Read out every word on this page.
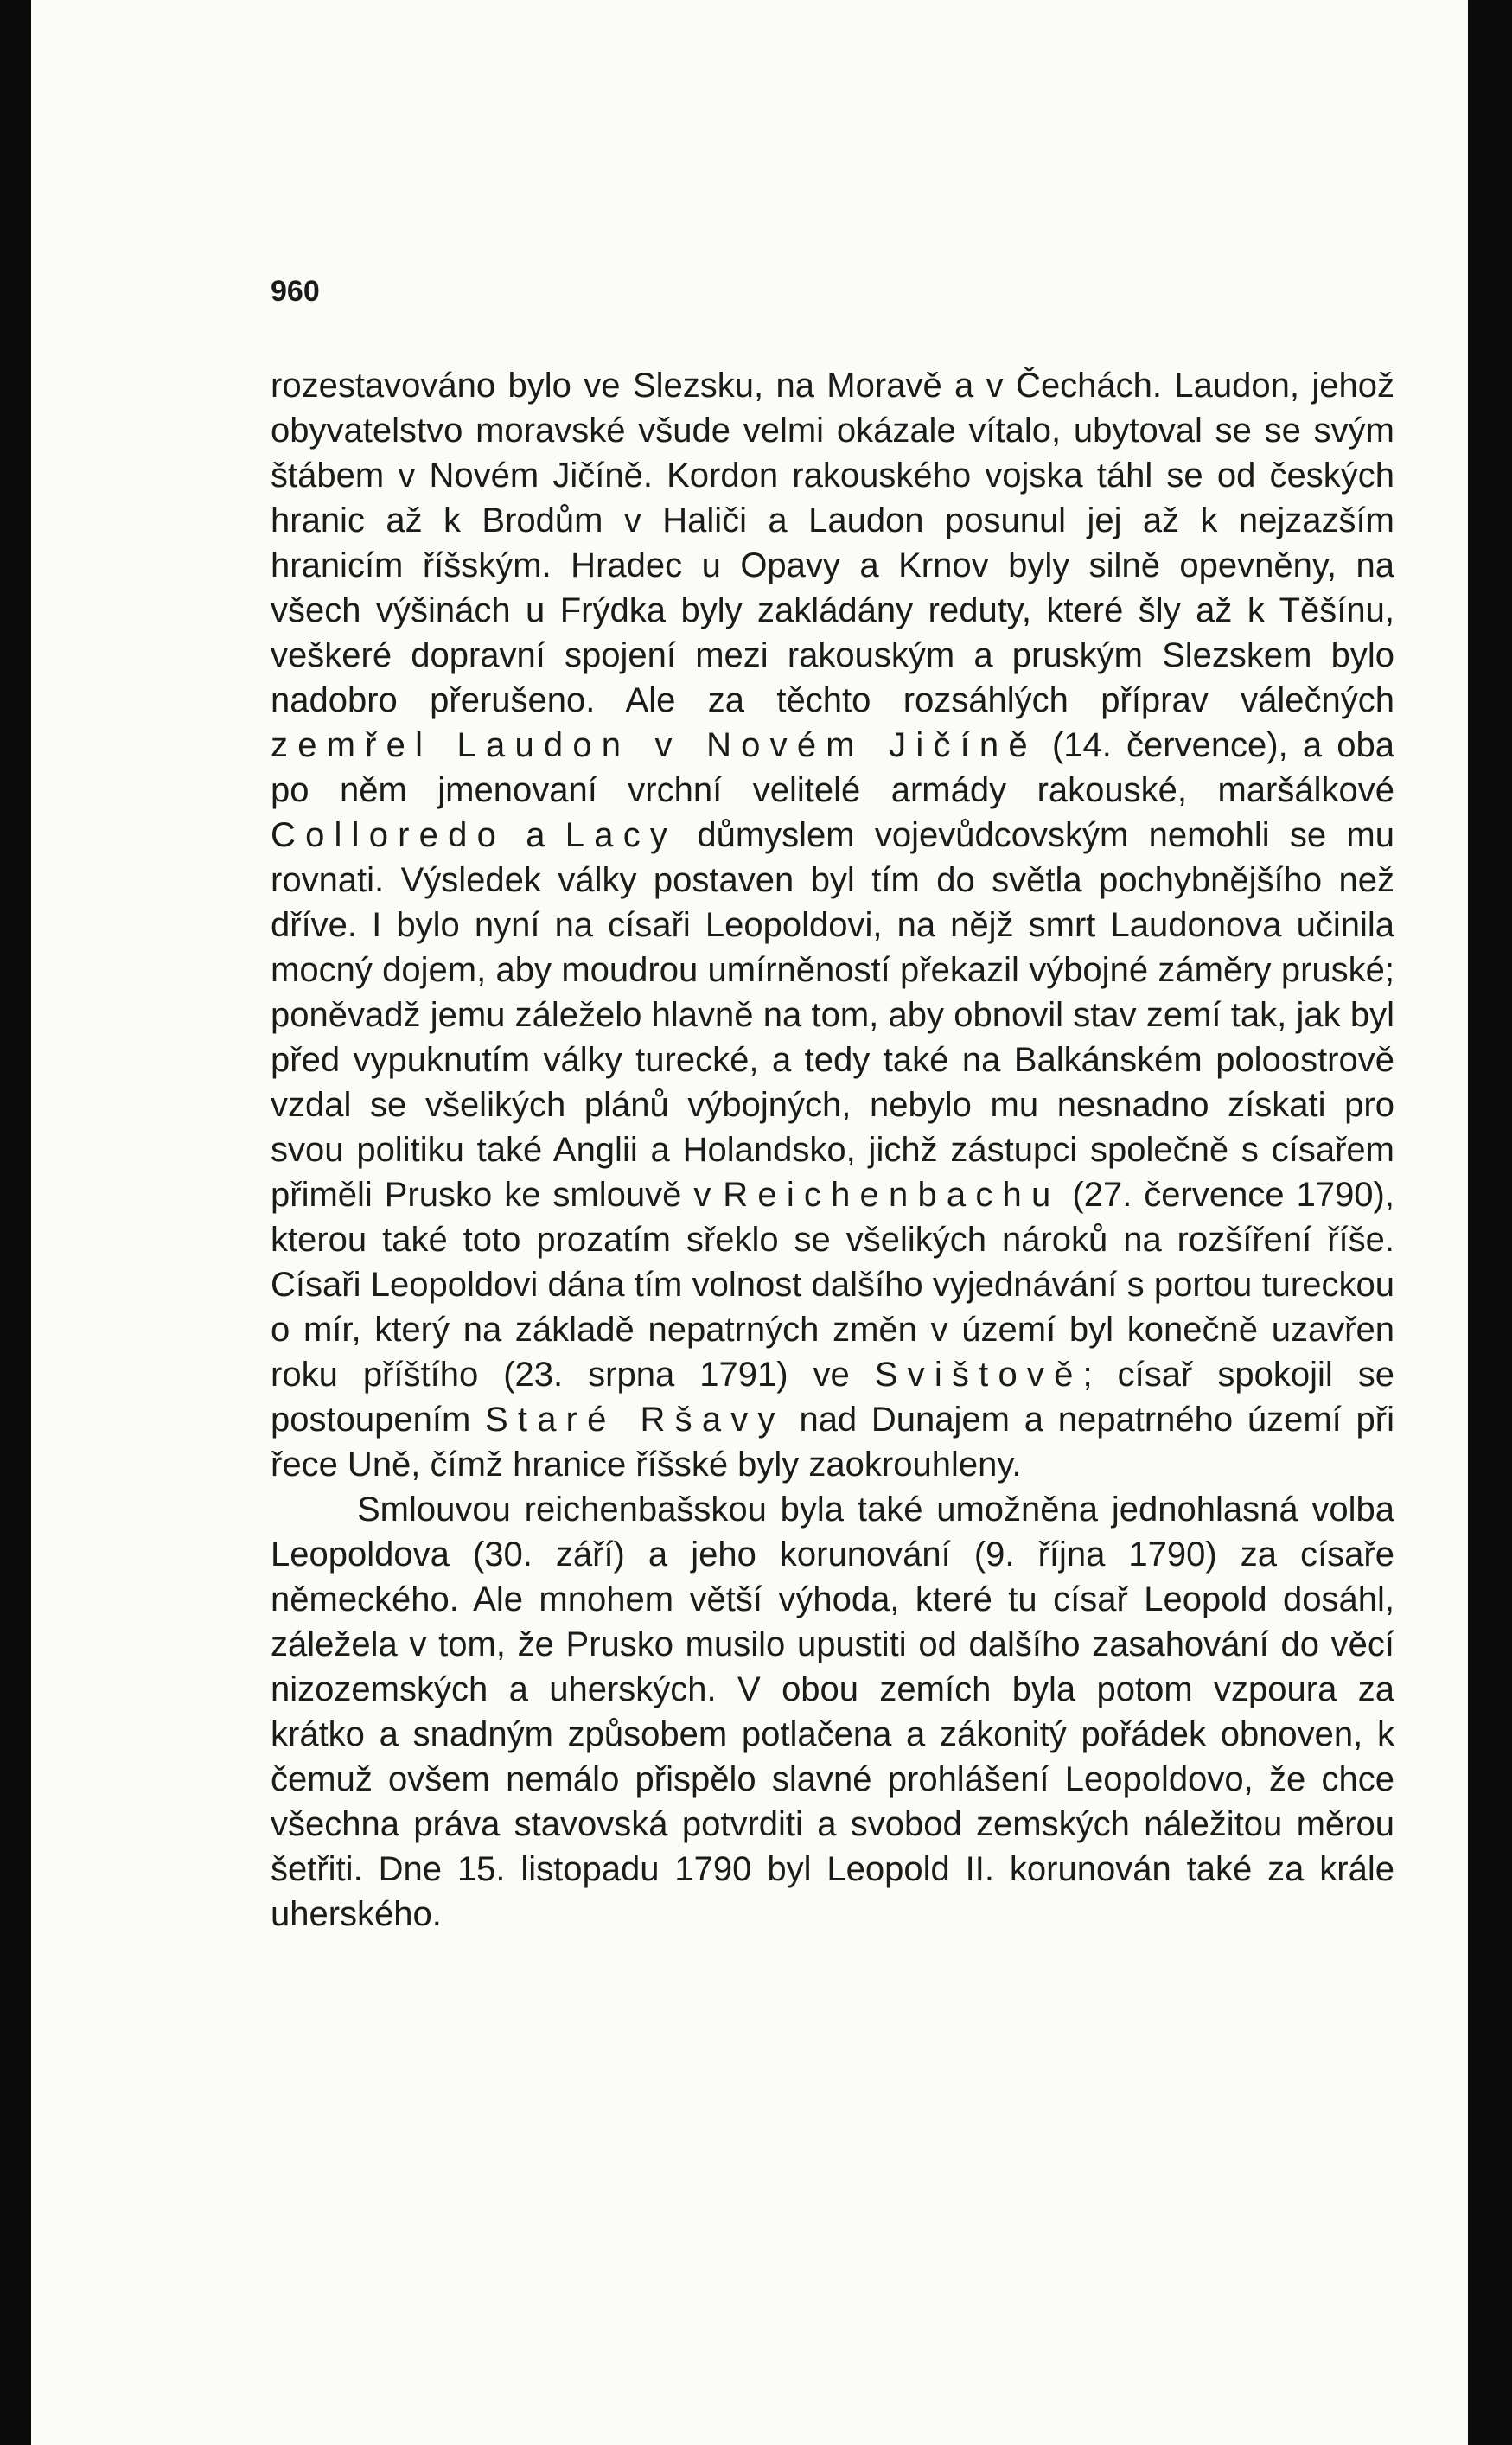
960

rozestavováno bylo ve Slezsku, na Moravě a v Čechách. Laudon, jehož obyvatelstvo moravské všude velmi okázale vítalo, ubytoval se se svým štábem v Novém Jičíně. Kordon rakouského vojska táhl se od českých hranic až k Brodům v Haliči a Laudon posunul jej až k nejzazším hranicím říšským. Hradec u Opavy a Krnov byly silně opevněny, na všech výšinách u Frýdka byly zakládány reduty, které šly až k Těšínu, veškeré dopravní spojení mezi rakouským a pruským Slezskem bylo nadobro přerušeno. Ale za těchto rozsáhlých příprav válečných zemřel Laudon v Novém Jičíně (14. července), a oba po něm jmenovaní vrchní velitelé armády rakouské, maršálkové Colloredo a Lacy důmyslem vojevůdcovským nemohli se mu rovnati. Výsledek války postaven byl tím do světla pochybnějšího než dříve. I bylo nyní na císaři Leopoldovi, na nějž smrt Laudonova učinila mocný dojem, aby moudrou umírněností překazil výbojné záměry pruské; poněvadž jemu záleželo hlavně na tom, aby obnovil stav zemí tak, jak byl před vypuknutím války turecké, a tedy také na Balkánském poloostrově vzdal se všelikých plánů výbojných, nebylo mu nesnadno získati pro svou politiku také Anglii a Holandsko, jichž zástupci společně s císařem přiměli Prusko ke smlouvě v Reichenbachu (27. července 1790), kterou také toto prozatím sřeklo se všelikých nároků na rozšíření říše. Císaři Leopoldovi dána tím volnost dalšího vyjednávání s portou tureckou o mír, který na základě nepatrných změn v území byl konečně uzavřen roku příštího (23. srpna 1791) ve Svištově; císař spokojil se postoupením Staré Ršavy nad Dunajem a nepatrného území při řece Uně, čímž hranice říšské byly zaokrouhleny.

Smlouvou reichenbašskou byla také umožněna jednohlasná volba Leopoldova (30. září) a jeho korunování (9. října 1790) za císaře německého. Ale mnohem větší výhoda, které tu císař Leopold dosáhl, záležela v tom, že Prusko musilo upustiti od dalšího zasahování do věcí nizozemských a uherských. V obou zemích byla potom vzpoura za krátko a snadným způsobem potlačena a zákonitý pořádek obnoven, k čemuž ovšem nemálo přispělo slavné prohlášení Leopoldovo, že chce všechna práva stavovská potvrditi a svobod zemských náležitou měrou šetřiti. Dne 15. listopadu 1790 byl Leopold II. korunován také za krále uherského.
